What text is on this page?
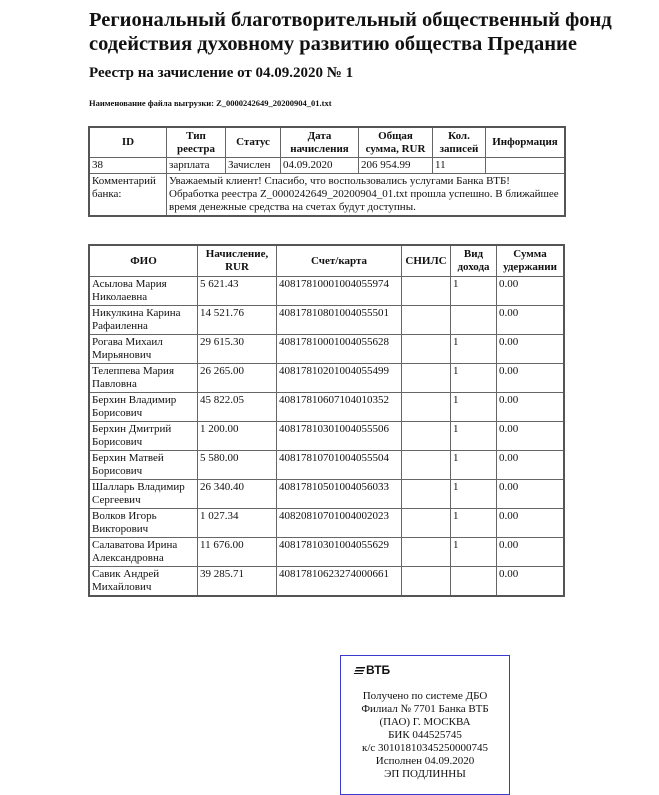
Региональный благотворительный общественный фонд содействия духовному развитию общества Предание
Реестр на зачисление от 04.09.2020 № 1
Наименование файла выгрузки: Z_0000242649_20200904_01.txt
ID	Тип реестра	Статус	Дата начисления	Общая сумма, RUR	Кол. записей	Информация
38	зарплата	Зачислен	04.09.2020	206 954.99	11	
Комментарий банка:	Уважаемый клиент! Спасибо, что воспользовались услугами Банка ВТБ! Обработка реестра Z_0000242649_20200904_01.txt прошла успешно. В ближайшее время денежные средства на счетах будут доступны.					
ФИО	Начисление, RUR	Счет/карта	СНИЛС	Вид дохода	Сумма удержании
Асылова Мария Николаевна	5 621.43	40817810001004055974		1	0.00
Никулкина Карина Рафаиленна	14 521.76	40817810801004055501			0.00
Рогава Михаил Мирьянович	29 615.30	40817810001004055628		1	0.00
Телеппева Мария Павловна	26 265.00	40817810201004055499		1	0.00
Берхин Владимир Борисович	45 822.05	40817810607104010352		1	0.00
Берхин Дмитрий Борисович	1 200.00	40817810301004055506		1	0.00
Берхин Матвей Борисович	5 580.00	40817810701004055504		1	0.00
Шалларь Владимир Сергеевич	26 340.40	40817810501004056033		1	0.00
Волков Игорь Викторович	1 027.34	40820810701004002023		1	0.00
Салаватова Ирина Александровна	11 676.00	40817810301004055629		1	0.00
Савик Андрей Михайлович	39 285.71	40817810623274000661			0.00
ВТБ
Получено по системе ДБО
Филиал № 7701 Банка ВТБ
(ПАО) Г. МОСКВА
БИК 044525745
к/с 30101810345250000745
Исполнен 04.09.2020
ЭП ПОДЛИННЫ
